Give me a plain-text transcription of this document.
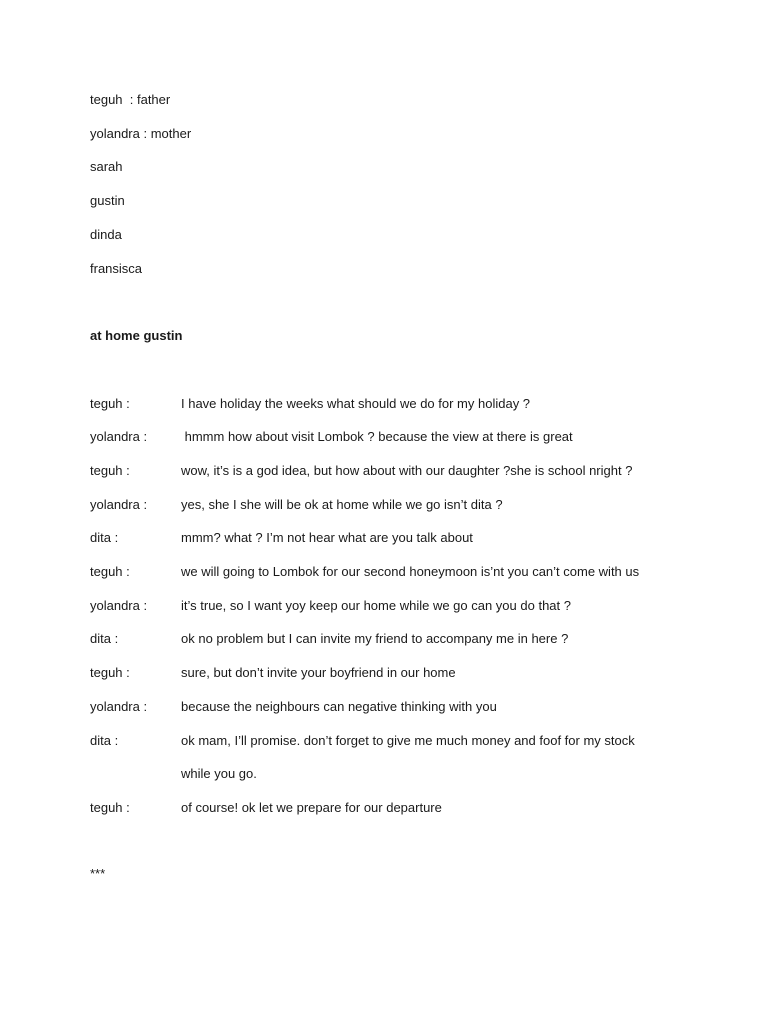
teguh  : father
yolandra : mother
sarah
gustin
dinda
fransisca
at home gustin
teguh :	I have holiday the weeks what should we do for my holiday ?
yolandra :	hmmm how about visit Lombok ? because the view at there is great
teguh :	wow, it’s is a god idea, but how about with our daughter ?she is school nright ?
yolandra :	yes, she I she will be ok at home while we go isn’t dita ?
dita :	mmm? what ? I’m not hear what are you talk about
teguh :	we will going to Lombok for our second honeymoon is’nt you can’t come with us
yolandra :	it’s true, so I want yoy keep our home while we go can you do that ?
dita :	ok no problem but I can invite my friend to accompany me in here ?
teguh :	sure, but don’t invite your boyfriend in our home
yolandra :	because the neighbours can negative thinking with you
dita :	ok mam, I’ll promise. don’t forget to give me much money and foof for my stock
while you go.
teguh :	of course! ok let we prepare for our departure
***
